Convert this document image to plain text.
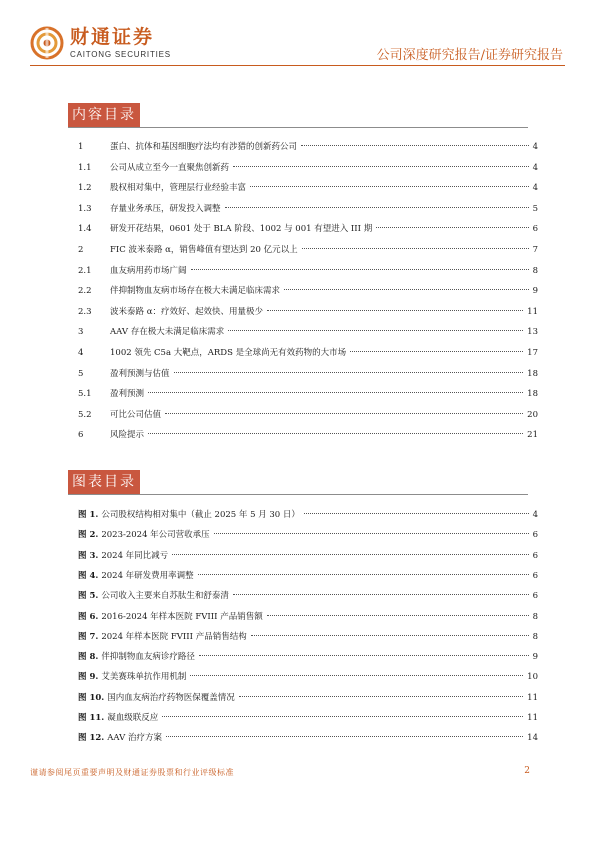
财通证券
CAITONG SECURITIES	公司深度研究报告/证券研究报告
内容目录
1	蛋白、抗体和基因细胞疗法均有涉猎的创新药公司	4
1.1	公司从成立至今一直聚焦创新药	4
1.2	股权相对集中，管理层行业经验丰富	4
1.3	存量业务承压，研发投入调整	5
1.4	研发开花结果，0601 处于 BLA 阶段、1002 与 001 有望进入 III 期	6
2	FIC 波米泰路 α，销售峰值有望达到 20 亿元以上	7
2.1	血友病用药市场广阔	8
2.2	伴抑制物血友病市场存在极大未满足临床需求	9
2.3	波米泰路 α：疗效好、起效快、用量极少	11
3	AAV 存在极大未满足临床需求	13
4	1002 领先 C5a 大靶点，ARDS 是全球尚无有效药物的大市场	17
5	盈利预测与估值	18
5.1	盈利预测	18
5.2	可比公司估值	20
6	风险提示	21
图表目录
图 1. 公司股权结构相对集中（截止 2025 年 5 月 30 日）	4
图 2. 2023-2024 年公司营收承压	6
图 3. 2024 年同比减亏	6
图 4. 2024 年研发费用率调整	6
图 5. 公司收入主要来自苏肽生和舒泰清	6
图 6. 2016-2024 年样本医院 FVIII 产品销售额	8
图 7. 2024 年样本医院 FVIII 产品销售结构	8
图 8. 伴抑制物血友病诊疗路径	9
图 9. 艾美赛珠单抗作用机制	10
图 10. 国内血友病治疗药物医保覆盖情况	11
图 11. 凝血级联反应	11
图 12. AAV 治疗方案	14
谨请参阅尾页重要声明及财通证券股票和行业评级标准	2
